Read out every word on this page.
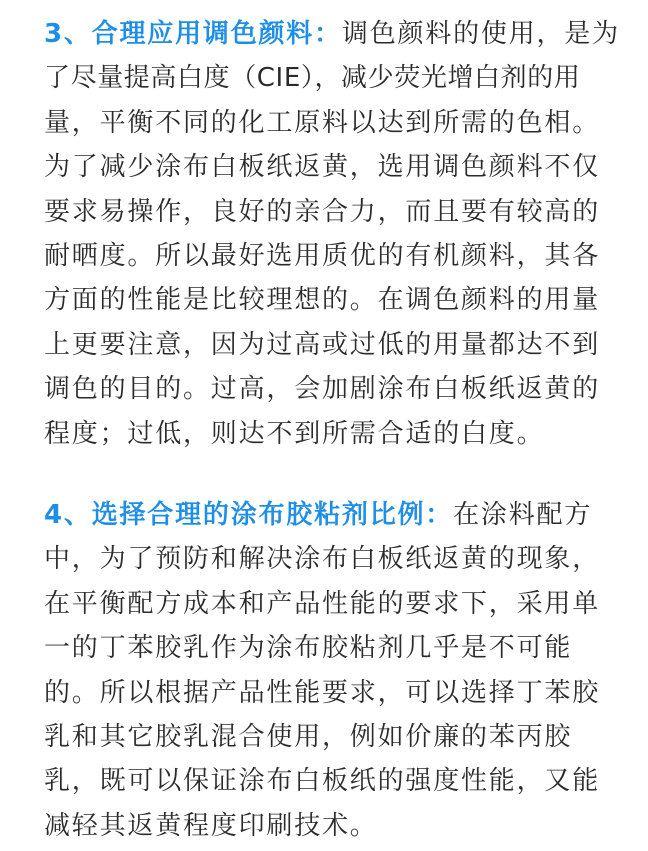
3、合理应用调色颜料：调色颜料的使用，是为
了尽量提高白度（CIE），减少荧光增白剂的用
量，平衡不同的化工原料以达到所需的色相。
为了减少涂布白板纸返黄，选用调色颜料不仅
要求易操作，良好的亲合力，而且要有较高的
耐晒度。所以最好选用质优的有机颜料，其各
方面的性能是比较理想的。在调色颜料的用量
上更要注意，因为过高或过低的用量都达不到
调色的目的。过高，会加剧涂布白板纸返黄的
程度；过低，则达不到所需合适的白度。
4、选择合理的涂布胶粘剂比例：在涂料配方
中，为了预防和解决涂布白板纸返黄的现象，
在平衡配方成本和产品性能的要求下，采用单
一的丁苯胶乳作为涂布胶粘剂几乎是不可能
的。所以根据产品性能要求，可以选择丁苯胶
乳和其它胶乳混合使用，例如价廉的苯丙胶
乳，既可以保证涂布白板纸的强度性能，又能
减轻其返黄程度印刷技术。
